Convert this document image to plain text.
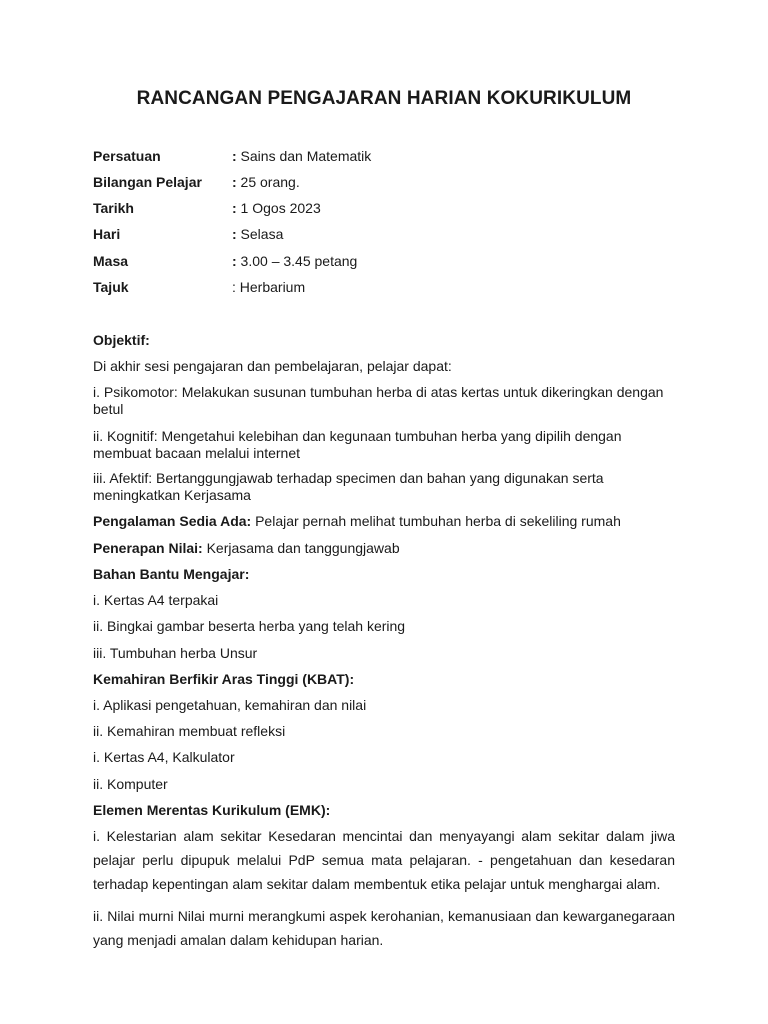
RANCANGAN PENGAJARAN HARIAN KOKURIKULUM
Persatuan	: Sains dan Matematik
Bilangan Pelajar : 25 orang.
Tarikh	: 1 Ogos 2023
Hari	: Selasa
Masa	: 3.00 – 3.45 petang
Tajuk	: Herbarium
Objektif:
Di akhir sesi pengajaran dan pembelajaran, pelajar dapat:
i. Psikomotor: Melakukan susunan tumbuhan herba di atas kertas untuk dikeringkan dengan betul
ii. Kognitif: Mengetahui kelebihan dan kegunaan tumbuhan herba yang dipilih dengan membuat bacaan melalui internet
iii. Afektif: Bertanggungjawab terhadap specimen dan bahan yang digunakan serta meningkatkan Kerjasama
Pengalaman Sedia Ada: Pelajar pernah melihat tumbuhan herba di sekeliling rumah
Penerapan Nilai: Kerjasama dan tanggungjawab
Bahan Bantu Mengajar:
i. Kertas A4 terpakai
ii. Bingkai gambar beserta herba yang telah kering
iii. Tumbuhan herba Unsur
Kemahiran Berfikir Aras Tinggi (KBAT):
i. Aplikasi pengetahuan, kemahiran dan nilai
ii. Kemahiran membuat refleksi
i. Kertas A4, Kalkulator
ii. Komputer
Elemen Merentas Kurikulum (EMK):
i. Kelestarian alam sekitar Kesedaran mencintai dan menyayangi alam sekitar dalam jiwa pelajar perlu dipupuk melalui PdP semua mata pelajaran. - pengetahuan dan kesedaran terhadap kepentingan alam sekitar dalam membentuk etika pelajar untuk menghargai alam.
ii. Nilai murni Nilai murni merangkumi aspek kerohanian, kemanusiaan dan kewarganegaraan yang menjadi amalan dalam kehidupan harian.
